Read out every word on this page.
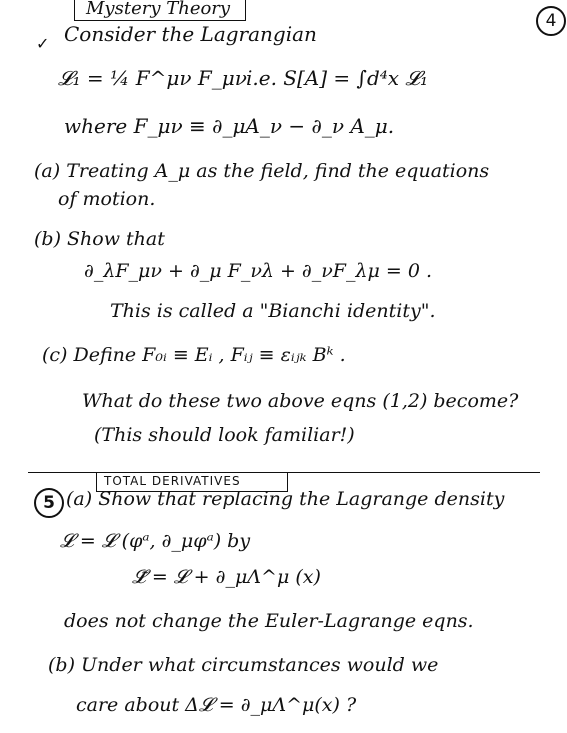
4
Mystery Theory
✓ Consider the Lagrangian
𝓛₁ = ¼ F^μν F_μν i.e. S[A] = ∫d⁴x 𝓛₁
where F_μν ≡ ∂_μA_ν − ∂_ν A_μ.
(a) Treating A_μ as the field, find the equations
of motion.
(b) Show that
∂_λF_μν + ∂_μ F_νλ + ∂_νF_λμ = 0 .
This is called a "Bianchi identity".
(c) Define F₀ᵢ ≡ Eᵢ , Fᵢⱼ ≡ εᵢⱼₖ Bᵏ .
What do these two above eqns (1,2) become?
(This should look familiar!)
TOTAL DERIVATIVES
5 (a) Show that replacing the Lagrange density
𝓛 = 𝓛 (φᵃ, ∂_μφᵃ) by
𝓛̃ = 𝓛 + ∂_μΛ^μ (x)
does not change the Euler-Lagrange eqns.
(b) Under what circumstances would we
care about Δ𝓛 = ∂_μΛ^μ(x) ?
